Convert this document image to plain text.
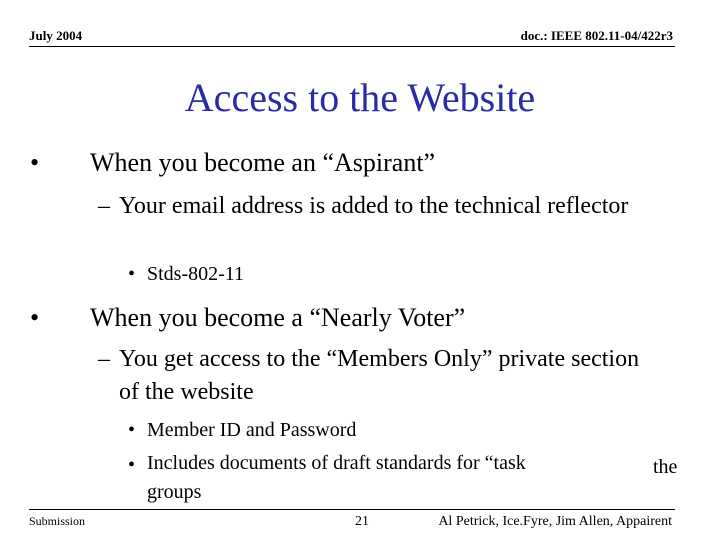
July 2004	doc.: IEEE 802.11-04/422r3
Access to the Website
• When you become an “Aspirant”
– Your email address is added to the technical reflector
• Stds-802-11
• When you become a “Nearly Voter”
– You get access to the “Members Only” private section of the website
• Member ID and Password
• Includes documents of draft standards for “task groups
the
Submission	21	Al Petrick, Ice.Fyre, Jim Allen, Appairent
